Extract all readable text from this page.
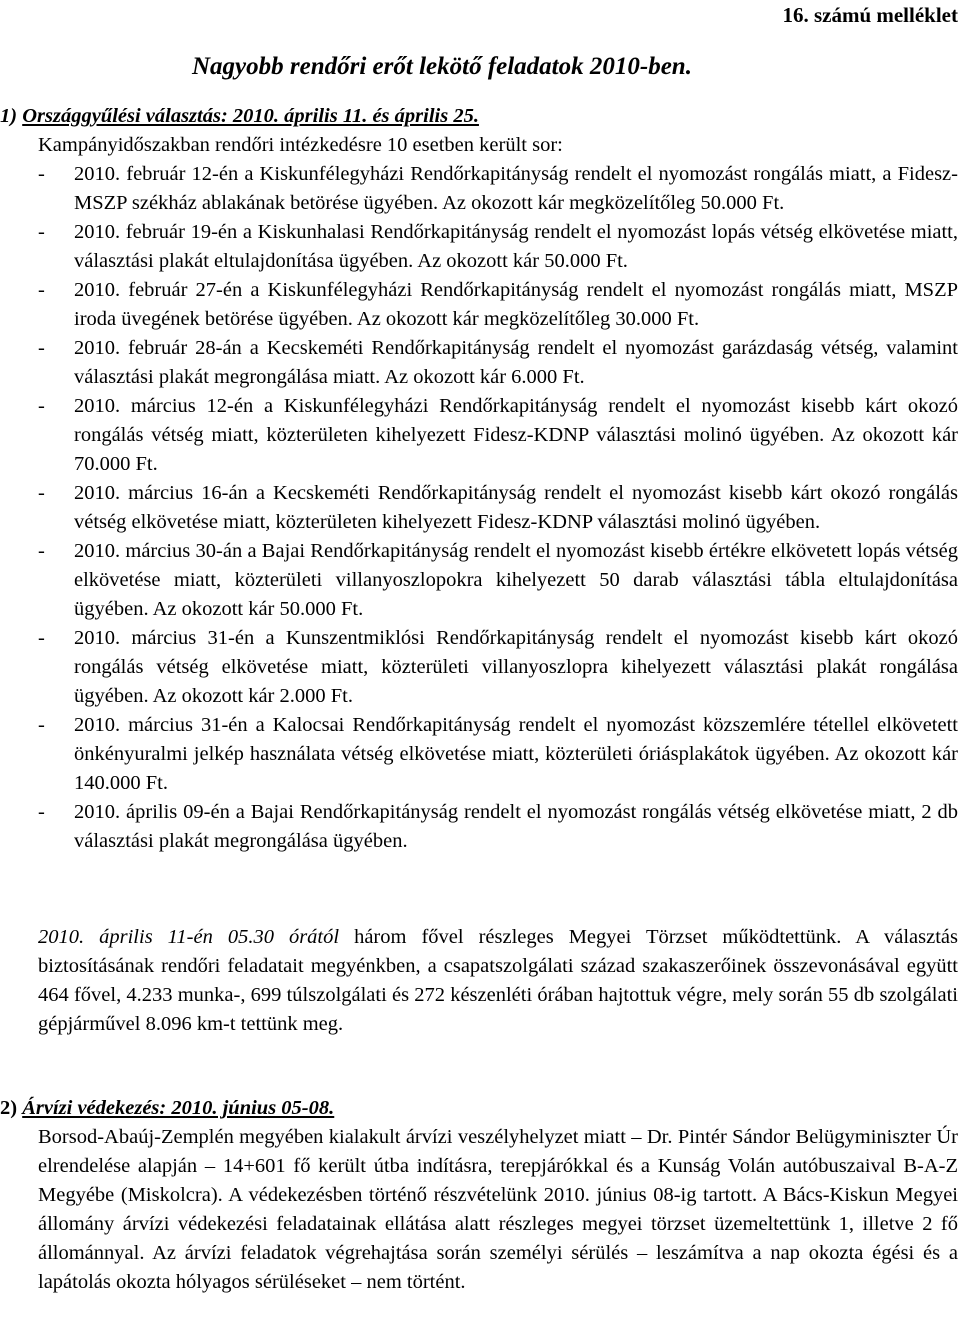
16. számú melléklet
Nagyobb rendőri erőt lekötő feladatok 2010-ben.
1) Országgyűlési választás: 2010. április 11. és április 25.
Kampányidőszakban rendőri intézkedésre 10 esetben került sor:
- 2010. február 12-én a Kiskunfélegyházi Rendőrkapitányság rendelt el nyomozást rongálás miatt, a Fidesz-MSZP székház ablakának betörése ügyében. Az okozott kár megközelítőleg 50.000 Ft.
- 2010. február 19-én a Kiskunhalasi Rendőrkapitányság rendelt el nyomozást lopás vétség elkövetése miatt, választási plakát eltulajdonítása ügyében. Az okozott kár 50.000 Ft.
- 2010. február 27-én a Kiskunfélegyházi Rendőrkapitányság rendelt el nyomozást rongálás miatt, MSZP iroda üvegének betörése ügyében. Az okozott kár megközelítőleg 30.000 Ft.
- 2010. február 28-án a Kecskeméti Rendőrkapitányság rendelt el nyomozást garázdaság vétség, valamint választási plakát megrongálása miatt. Az okozott kár 6.000 Ft.
- 2010. március 12-én a Kiskunfélegyházi Rendőrkapitányság rendelt el nyomozást kisebb kárt okozó rongálás vétség miatt, közterületen kihelyezett Fidesz-KDNP választási molinó ügyében. Az okozott kár 70.000 Ft.
- 2010. március 16-án a Kecskeméti Rendőrkapitányság rendelt el nyomozást kisebb kárt okozó rongálás vétség elkövetése miatt, közterületen kihelyezett Fidesz-KDNP választási molinó ügyében.
- 2010. március 30-án a Bajai Rendőrkapitányság rendelt el nyomozást kisebb értékre elkövetett lopás vétség elkövetése miatt, közterületi villanyoszlopokra kihelyezett 50 darab választási tábla eltulajdonítása ügyében. Az okozott kár 50.000 Ft.
- 2010. március 31-én a Kunszentmiklósi Rendőrkapitányság rendelt el nyomozást kisebb kárt okozó rongálás vétség elkövetése miatt, közterületi villanyoszlopra kihelyezett választási plakát rongálása ügyében. Az okozott kár 2.000 Ft.
- 2010. március 31-én a Kalocsai Rendőrkapitányság rendelt el nyomozást közszemlére tétellel elkövetett önkényuralmi jelkép használata vétség elkövetése miatt, közterületi óriásplakátok ügyében. Az okozott kár 140.000 Ft.
- 2010. április 09-én a Bajai Rendőrkapitányság rendelt el nyomozást rongálás vétség elkövetése miatt, 2 db választási plakát megrongálása ügyében.

2010. április 11-én 05.30 órától három fővel részleges Megyei Törzset működtettünk. A választás biztosításának rendőri feladatait megyénkben, a csapatszolgálati század szakaszerőinek összevonásával együtt 464 fővel, 4.233 munka-, 699 túlszolgálati és 272 készenléti órában hajtottuk végre, mely során 55 db szolgálati gépjárművel 8.096 km-t tettünk meg.

2) Árvízi védekezés: 2010. június 05-08.

Borsod-Abaúj-Zemplén megyében kialakult árvízi veszélyhelyzet miatt – Dr. Pintér Sándor Belügyminiszter Úr elrendelése alapján – 14+601 fő került útba indításra, terepjárókkal és a Kunság Volán autóbuszaival B-A-Z Megyébe (Miskolcra). A védekezésben történő részvételünk 2010. június 08-ig tartott. A Bács-Kiskun Megyei állomány árvízi védekezési feladatainak ellátása alatt részleges megyei törzset üzemeltettünk 1, illetve 2 fő állománnyal. Az árvízi feladatok végrehajtása során személyi sérülés – leszámítva a nap okozta égési és a lapátolás okozta hólyagos sérüléseket – nem történt.
